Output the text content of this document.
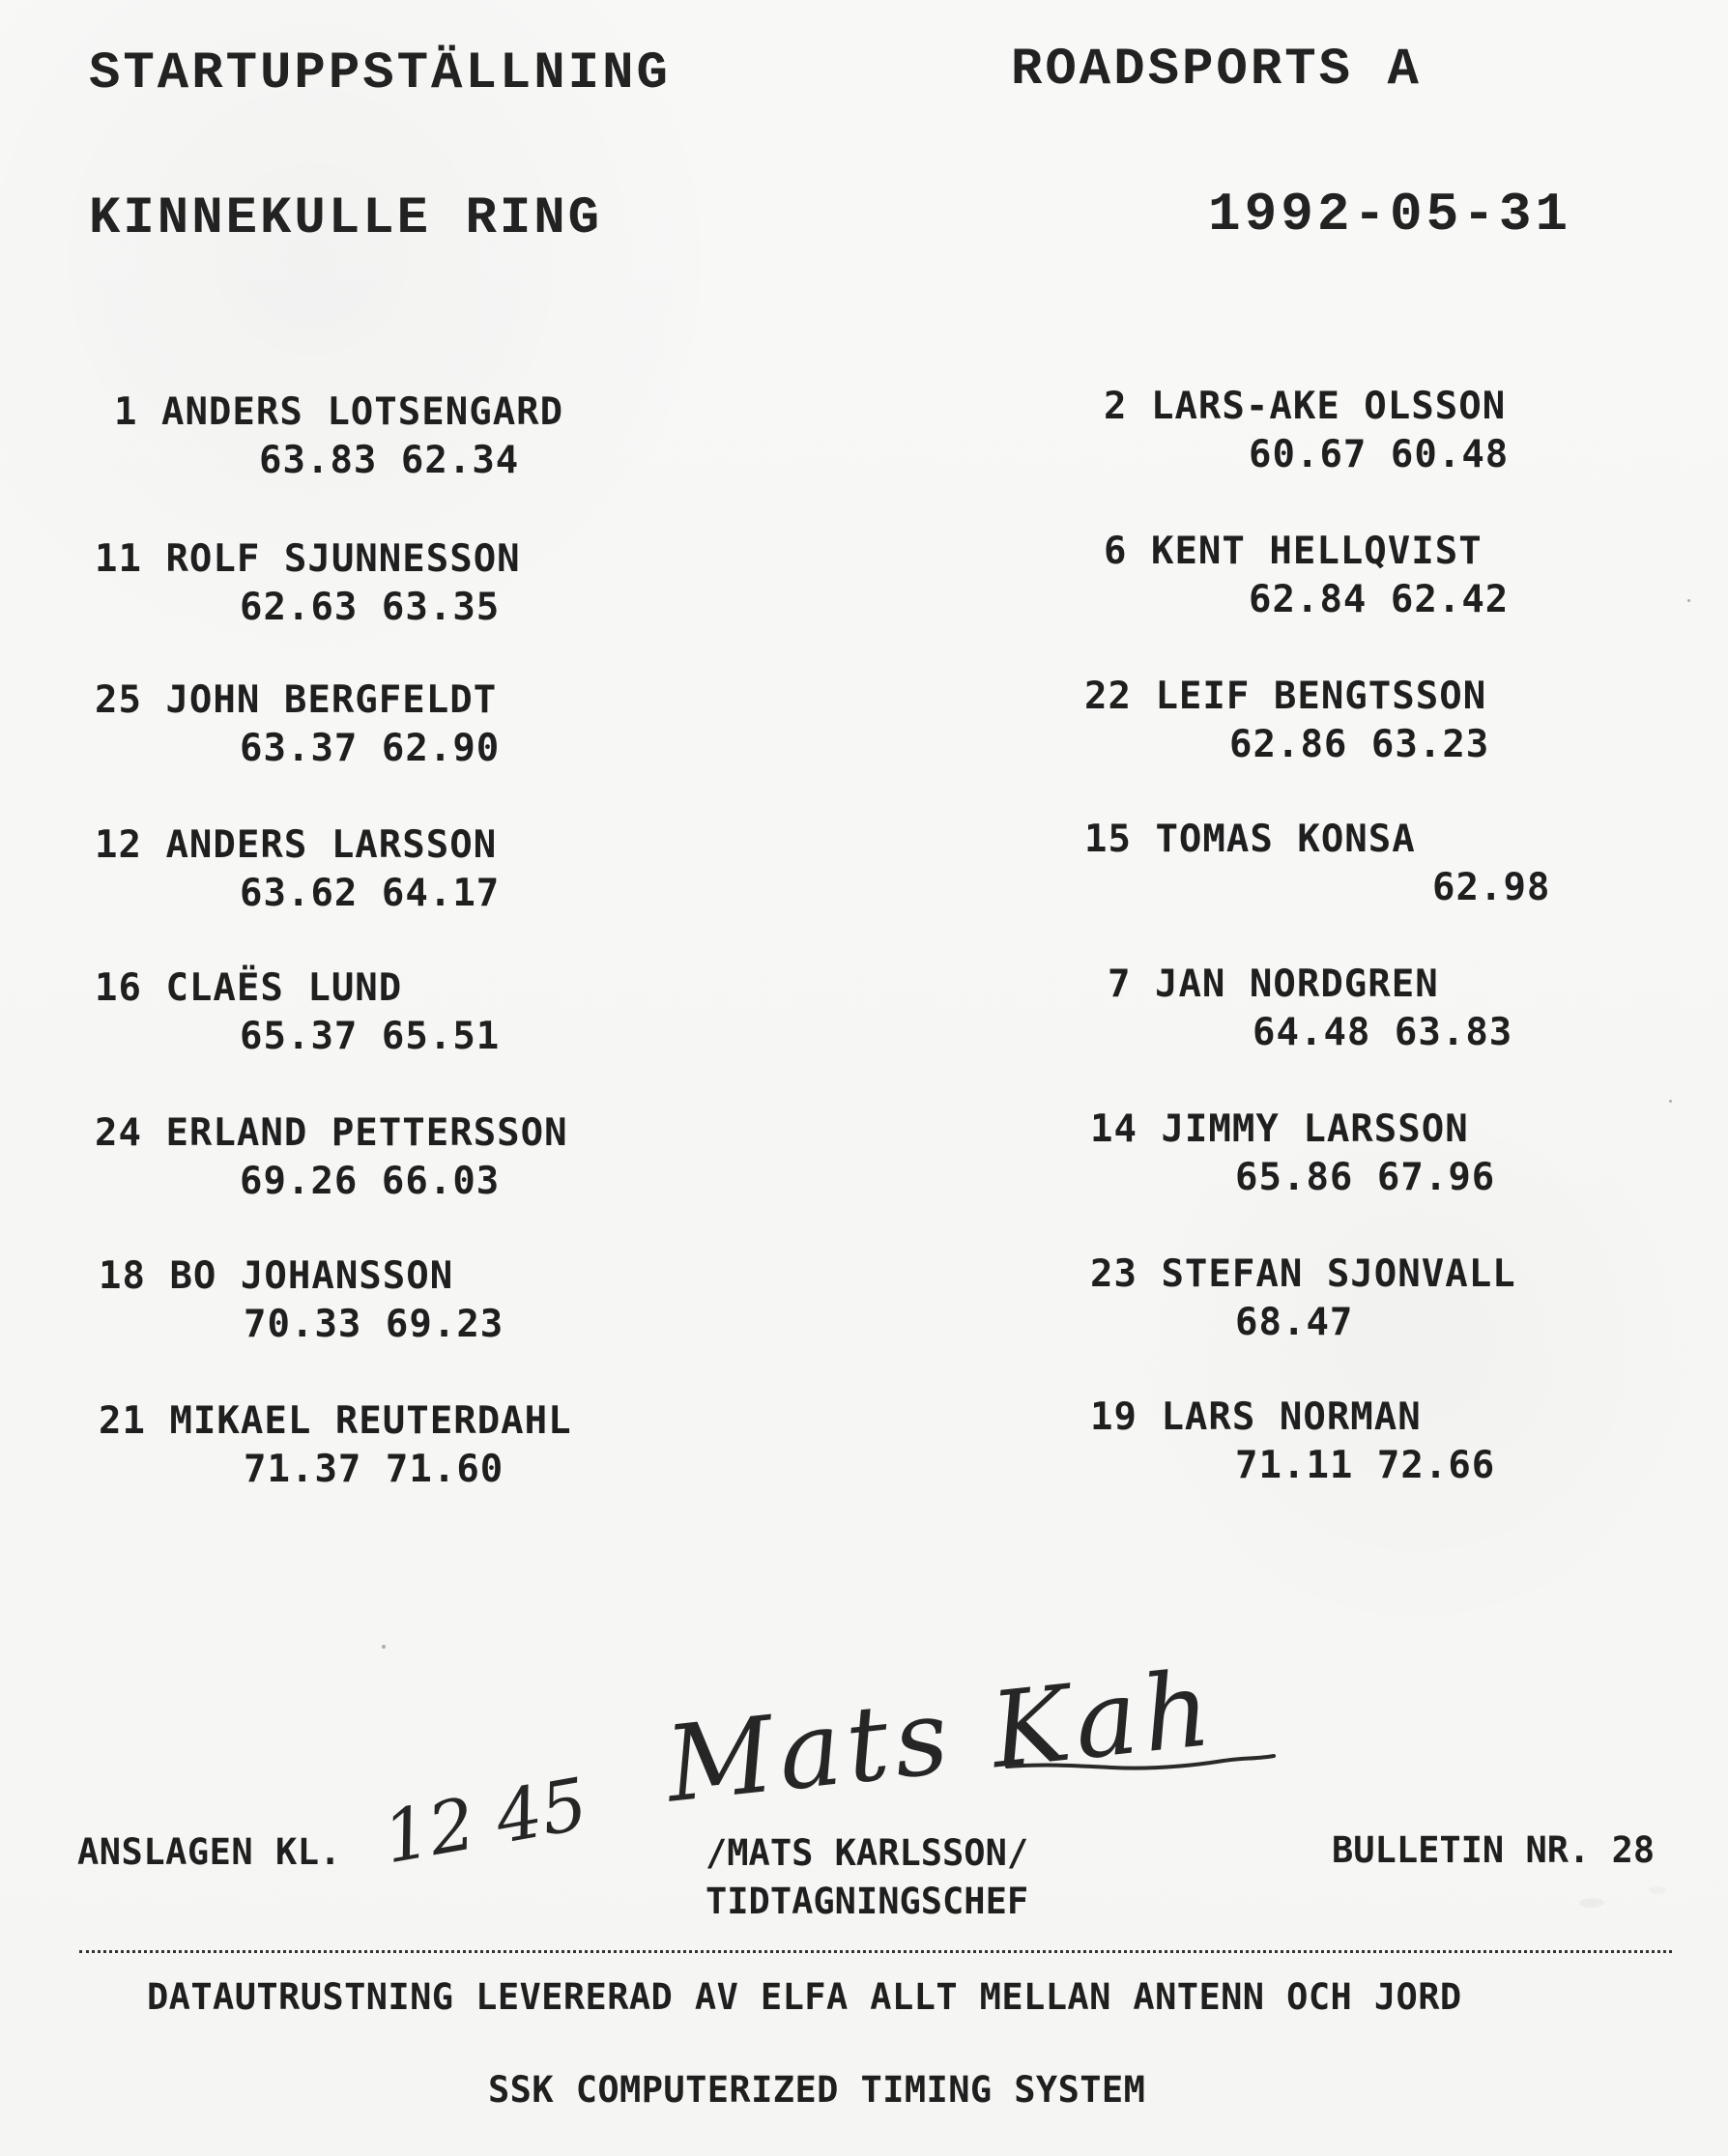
STARTUPPSTÄLLNING	ROADSPORTS A
KINNEKULLE RING	1992-05-31
1 ANDERS LOTSENGARD
63.83 62.34
11 ROLF SJUNNESSON
62.63 63.35
25 JOHN BERGFELDT
63.37 62.90
12 ANDERS LARSSON
63.62 64.17
16 CLAËS LUND
65.37 65.51
24 ERLAND PETTERSSON
69.26 66.03
18 BO JOHANSSON
70.33 69.23
21 MIKAEL REUTERDAHL
71.37 71.60
2 LARS-AKE OLSSON
60.67 60.48
6 KENT HELLQVIST
62.84 62.42
22 LEIF BENGTSSON
62.86 63.23
15 TOMAS KONSA
62.98
7 JAN NORDGREN
64.48 63.83
14 JIMMY LARSSON
65.86 67.96
23 STEFAN SJONVALL
68.47
19 LARS NORMAN
71.11 72.66
Mats Kah
ANSLAGEN KL. 12 45	/MATS KARLSSON/
TIDTAGNINGSCHEF
BULLETIN NR. 28
DATAUTRUSTNING LEVERERAD AV ELFA ALLT MELLAN ANTENN OCH JORD
SSK COMPUTERIZED TIMING SYSTEM
